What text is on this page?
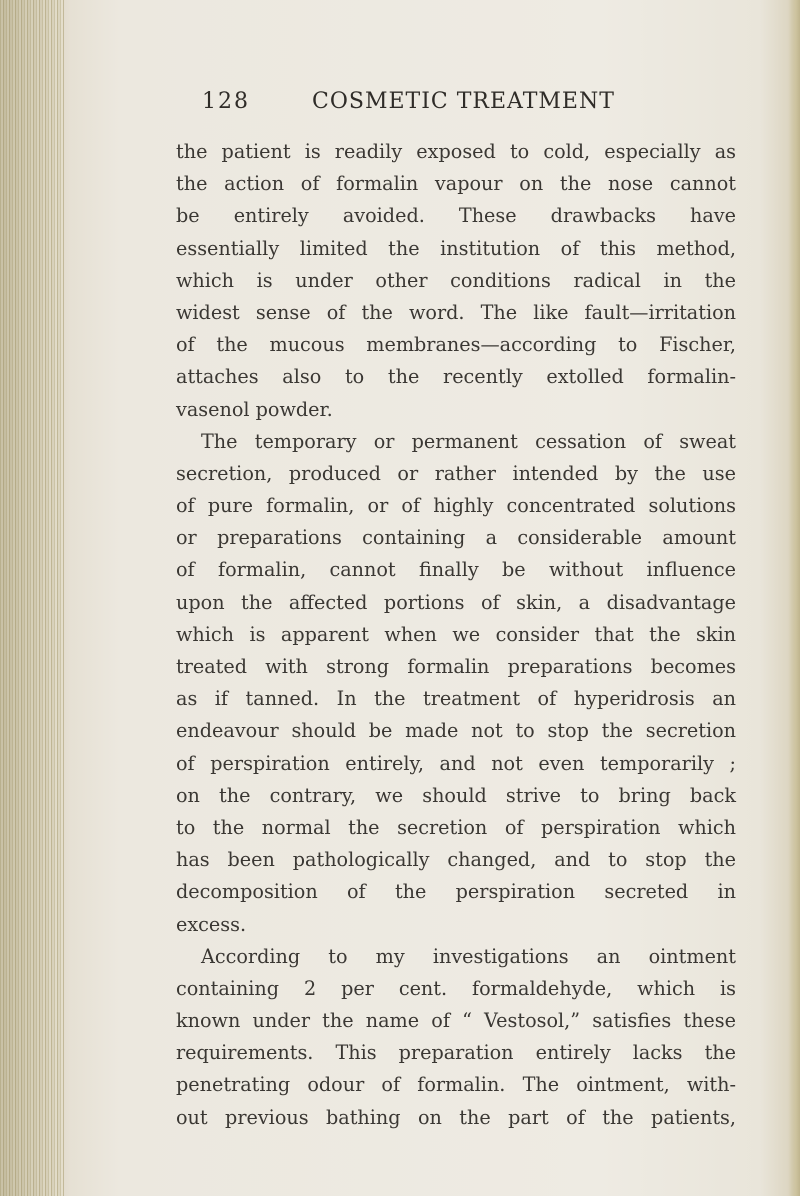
128	COSMETIC TREATMENT
the patient is readily exposed to cold, especially as
the action of formalin vapour on the nose cannot
be entirely avoided. These drawbacks have
essentially limited the institution of this method,
which is under other conditions radical in the
widest sense of the word. The like fault—irritation
of the mucous membranes—according to Fischer,
attaches also to the recently extolled formalin-
vasenol powder.
The temporary or permanent cessation of sweat
secretion, produced or rather intended by the use
of pure formalin, or of highly concentrated solutions
or preparations containing a considerable amount
of formalin, cannot finally be without influence
upon the affected portions of skin, a disadvantage
which is apparent when we consider that the skin
treated with strong formalin preparations becomes
as if tanned. In the treatment of hyperidrosis an
endeavour should be made not to stop the secretion
of perspiration entirely, and not even temporarily ;
on the contrary, we should strive to bring back
to the normal the secretion of perspiration which
has been pathologically changed, and to stop the
decomposition of the perspiration secreted in
excess.
According to my investigations an ointment
containing 2 per cent. formaldehyde, which is
known under the name of “ Vestosol,” satisfies these
requirements. This preparation entirely lacks the
penetrating odour of formalin. The ointment, with-
out previous bathing on the part of the patients,
